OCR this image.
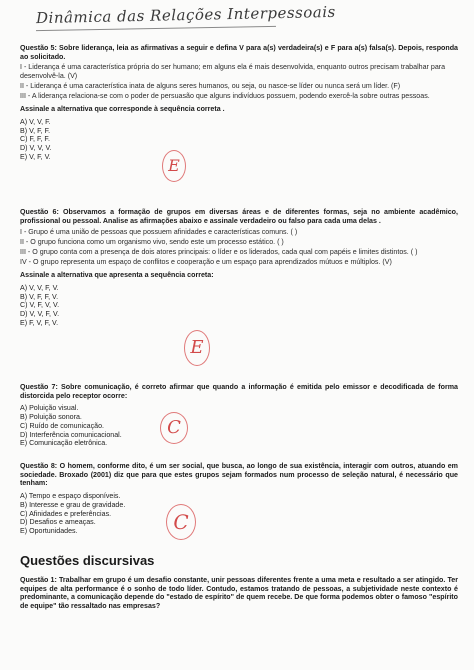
Dinâmica das Relações Interpessoais
Questão 5: Sobre liderança, leia as afirmativas a seguir e defina V para a(s) verdadeira(s) e F para a(s) falsa(s). Depois, responda ao solicitado.
I - Liderança é uma característica própria do ser humano; em alguns ela é mais desenvolvida, enquanto outros precisam trabalhar para desenvolvê-la. (V)
II - Liderança é uma característica inata de alguns seres humanos, ou seja, ou nasce-se líder ou nunca será um líder. (F)
III - A liderança relaciona-se com o poder de persuasão que alguns indivíduos possuem, podendo exercê-la sobre outras pessoas.
Assinale a alternativa que corresponde à sequência correta .
A) V, V, F.
B) V, F, F.
C) F, F, F.
D) V, V, V.
E) V, F, V.	E
Questão 6: Observamos a formação de grupos em diversas áreas e de diferentes formas, seja no ambiente acadêmico, profissional ou pessoal. Analise as afirmações abaixo e assinale verdadeiro ou falso para cada uma delas .
I - Grupo é uma união de pessoas que possuem afinidades e características comuns. ( )
II - O grupo funciona como um organismo vivo, sendo este um processo estático. ( )
III - O grupo conta com a presença de dois atores principais: o líder e os liderados, cada qual com papéis e limites distintos. ( )
IV - O grupo representa um espaço de conflitos e cooperação e um espaço para aprendizados mútuos e múltiplos. (V)
Assinale a alternativa que apresenta a sequência correta:
A) V, V, F, V.
B) V, F, F, V.
C) V, F, V, V.
D) V, V, F, V.
E) F, V, F, V.
E
Questão 7: Sobre comunicação, é correto afirmar que quando a informação é emitida pelo emissor e decodificada de forma distorcida pelo receptor ocorre:
A) Poluição visual.
B) Poluição sonora.
C) Ruído de comunicação.
D) Interferência comunicacional.
E) Comunicação eletrônica.
C
Questão 8: O homem, conforme dito, é um ser social, que busca, ao longo de sua existência, interagir com outros, atuando em sociedade. Broxado (2001) diz que para que estes grupos sejam formados num processo de seleção natural, é necessário que tenham:
A) Tempo e espaço disponíveis.
B) Interesse e grau de gravidade.
C) Afinidades e preferências.
D) Desafios e ameaças.
E) Oportunidades.	C
Questões discursivas
Questão 1: Trabalhar em grupo é um desafio constante, unir pessoas diferentes frente a uma meta e resultado a ser atingido. Ter equipes de alta performance é o sonho de todo líder. Contudo, estamos tratando de pessoas, a subjetividade neste contexto é predominante, a comunicação depende do "estado de espírito" de quem recebe. De que forma podemos obter o famoso "espírito de equipe" tão ressaltado nas empresas?
